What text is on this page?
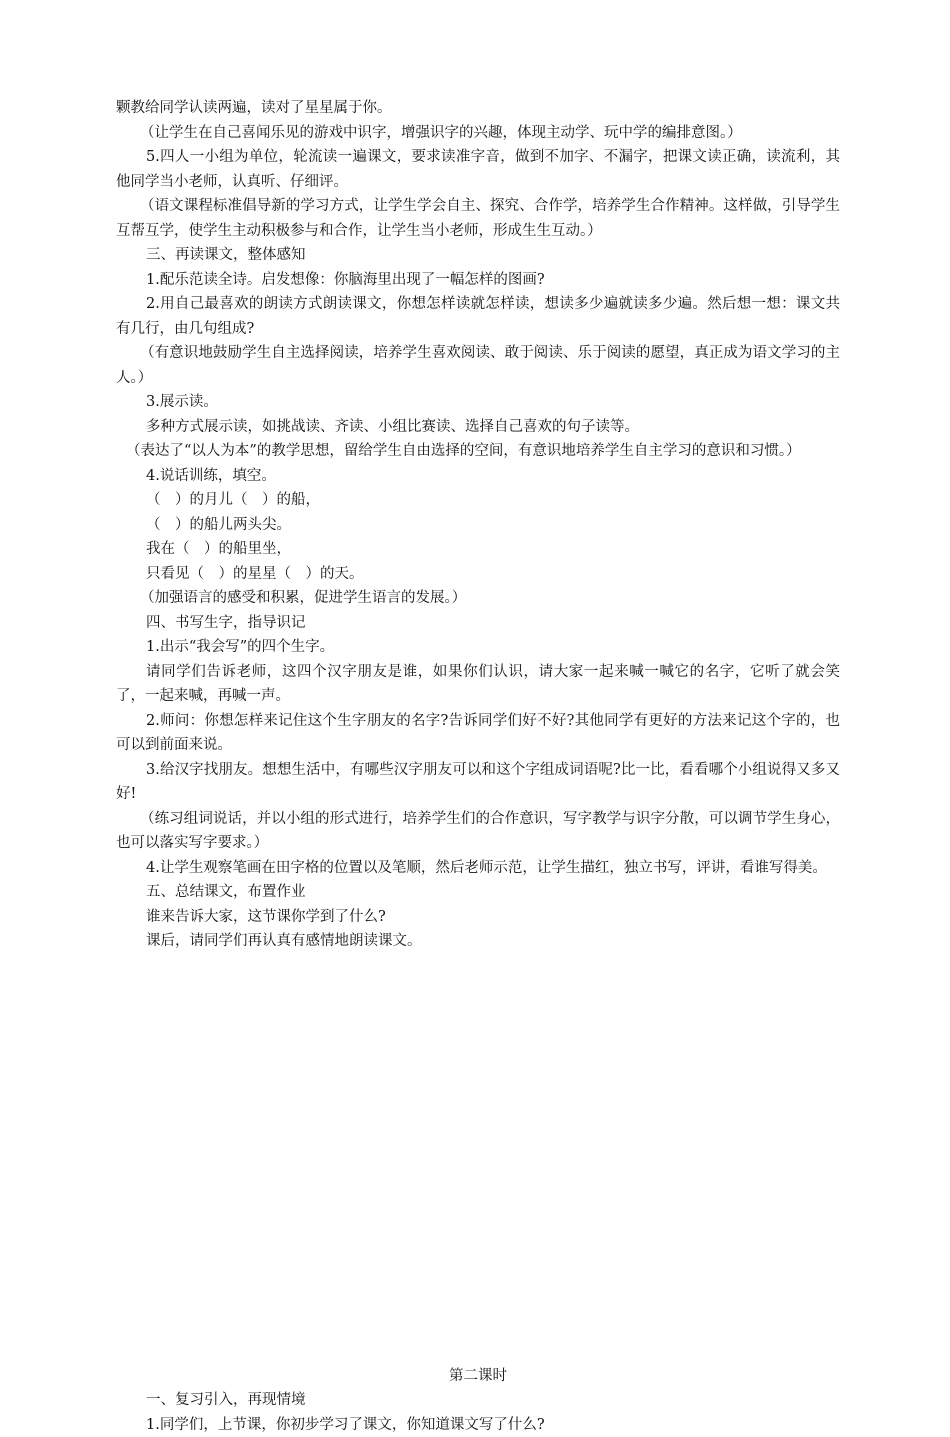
颗教给同学认读两遍，读对了星星属于你。

（让学生在自己喜闻乐见的游戏中识字，增强识字的兴趣，体现主动学、玩中学的编排意图。）

5.四人一小组为单位，轮流读一遍课文，要求读准字音，做到不加字、不漏字，把课文读正确，读流利，其他同学当小老师，认真听、仔细评。

（语文课程标准倡导新的学习方式，让学生学会自主、探究、合作学，培养学生合作精神。这样做，引导学生互帮互学，使学生主动积极参与和合作，让学生当小老师，形成生生互动。）

三、再读课文，整体感知

1.配乐范读全诗。启发想像：你脑海里出现了一幅怎样的图画?

2.用自己最喜欢的朗读方式朗读课文，你想怎样读就怎样读，想读多少遍就读多少遍。然后想一想：课文共有几行，由几句组成?

（有意识地鼓励学生自主选择阅读，培养学生喜欢阅读、敢于阅读、乐于阅读的愿望，真正成为语文学习的主人。）

3.展示读。

多种方式展示读，如挑战读、齐读、小组比赛读、选择自己喜欢的句子读等。

（表达了“以人为本”的教学思想，留给学生自由选择的空间，有意识地培养学生自主学习的意识和习惯。）

4.说话训练，填空。

（　）的月儿（　）的船，

（　）的船儿两头尖。

我在（　）的船里坐，

只看见（　）的星星（　）的天。

（加强语言的感受和积累，促进学生语言的发展。）

四、书写生字，指导识记

1.出示“我会写”的四个生字。

请同学们告诉老师，这四个汉字朋友是谁，如果你们认识，请大家一起来喊一喊它的名字，它听了就会笑了，一起来喊，再喊一声。

2.师问：你想怎样来记住这个生字朋友的名字?告诉同学们好不好?其他同学有更好的方法来记这个字的，也可以到前面来说。

3.给汉字找朋友。想想生活中，有哪些汉字朋友可以和这个字组成词语呢?比一比，看看哪个小组说得又多又好!

（练习组词说话，并以小组的形式进行，培养学生们的合作意识，写字教学与识字分散，可以调节学生身心，也可以落实写字要求。）

4.让学生观察笔画在田字格的位置以及笔顺，然后老师示范，让学生描红，独立书写，评讲，看谁写得美。

五、总结课文，布置作业

谁来告诉大家，这节课你学到了什么?

课后，请同学们再认真有感情地朗读课文。

第二课时

一、复习引入，再现情境

1.同学们，上节课，你初步学习了课文，你知道课文写了什么?
